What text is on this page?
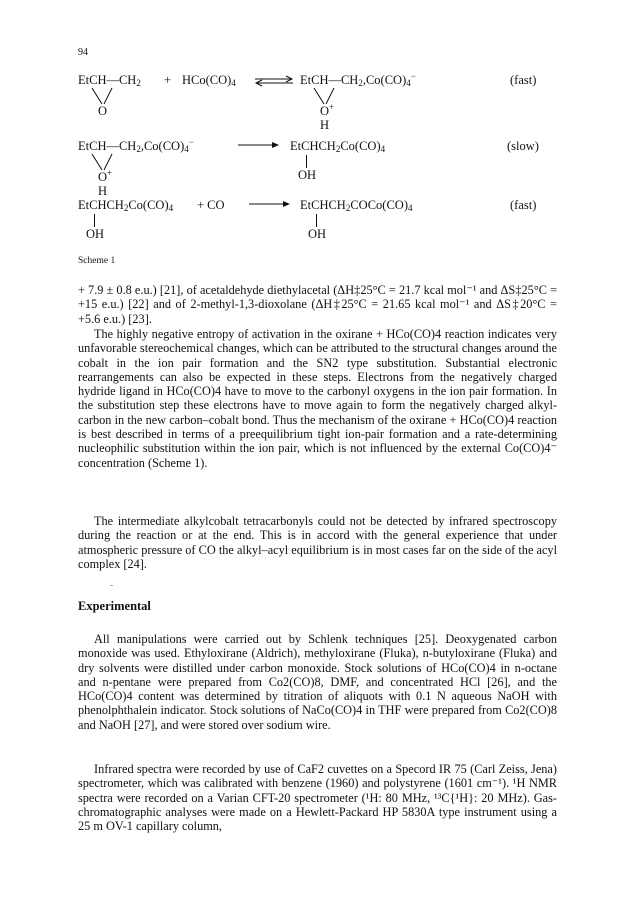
94
$EtCH—CH_2$
O
+ $HCo(CO)_4$	$EtCH—CH_2,Co(CO)_4^-$
O+
H
(fast)
$EtCH—CH_2,Co(CO)_4^-$
O+
H
$EtCHCH_2Co(CO)_4$
OH
(slow)
$EtCHCH_2Co(CO)_4$ + CO
OH
$EtCHCH_2COCo(CO)_4$
OH
(fast)
Scheme 1

+ 7.9 ± 0.8 e.u.) [21], of acetaldehyde diethylacetal (ΔH‡25°C = 21.7 kcal mol⁻¹ and ΔS‡25°C = +15 e.u.) [22] and of 2-methyl-1,3-dioxolane (ΔH‡25°C = 21.65 kcal mol⁻¹ and ΔS‡20°C = +5.6 e.u.) [23].

The highly negative entropy of activation in the oxirane + HCo(CO)4 reaction indicates very unfavorable stereochemical changes, which can be attributed to the structural changes around the cobalt in the ion pair formation and the SN2 type substitution. Substantial electronic rearrangements can also be expected in these steps. Electrons from the negatively charged hydride ligand in HCo(CO)4 have to move to the carbonyl oxygens in the ion pair formation. In the substitution step these electrons have to move again to form the negatively charged alkyl-carbon in the new carbon–cobalt bond. Thus the mechanism of the oxirane + HCo(CO)4 reaction is best described in terms of a preequilibrium tight ion-pair formation and a rate-determining nucleophilic substitution within the ion pair, which is not influenced by the external Co(CO)4⁻ concentration (Scheme 1).

The intermediate alkylcobalt tetracarbonyls could not be detected by infrared spectroscopy during the reaction or at the end. This is in accord with the general experience that under atmospheric pressure of CO the alkyl–acyl equilibrium is in most cases far on the side of the acyl complex [24].

Experimental

All manipulations were carried out by Schlenk techniques [25]. Deoxygenated carbon monoxide was used. Ethyloxirane (Aldrich), methyloxirane (Fluka), n-butyloxirane (Fluka) and dry solvents were distilled under carbon monoxide. Stock solutions of HCo(CO)4 in n-octane and n-pentane were prepared from Co2(CO)8, DMF, and concentrated HCl [26], and the HCo(CO)4 content was determined by titration of aliquots with 0.1 N aqueous NaOH with phenolphthalein indicator. Stock solutions of NaCo(CO)4 in THF were prepared from Co2(CO)8 and NaOH [27], and were stored over sodium wire.

Infrared spectra were recorded by use of CaF2 cuvettes on a Specord IR 75 (Carl Zeiss, Jena) spectrometer, which was calibrated with benzene (1960) and polystyrene (1601 cm⁻¹). ¹H NMR spectra were recorded on a Varian CFT-20 spectrometer (¹H: 80 MHz, ¹³C{¹H}: 20 MHz). Gas-chromatographic analyses were made on a Hewlett-Packard HP 5830A type instrument using a 25 m OV-1 capillary column,
